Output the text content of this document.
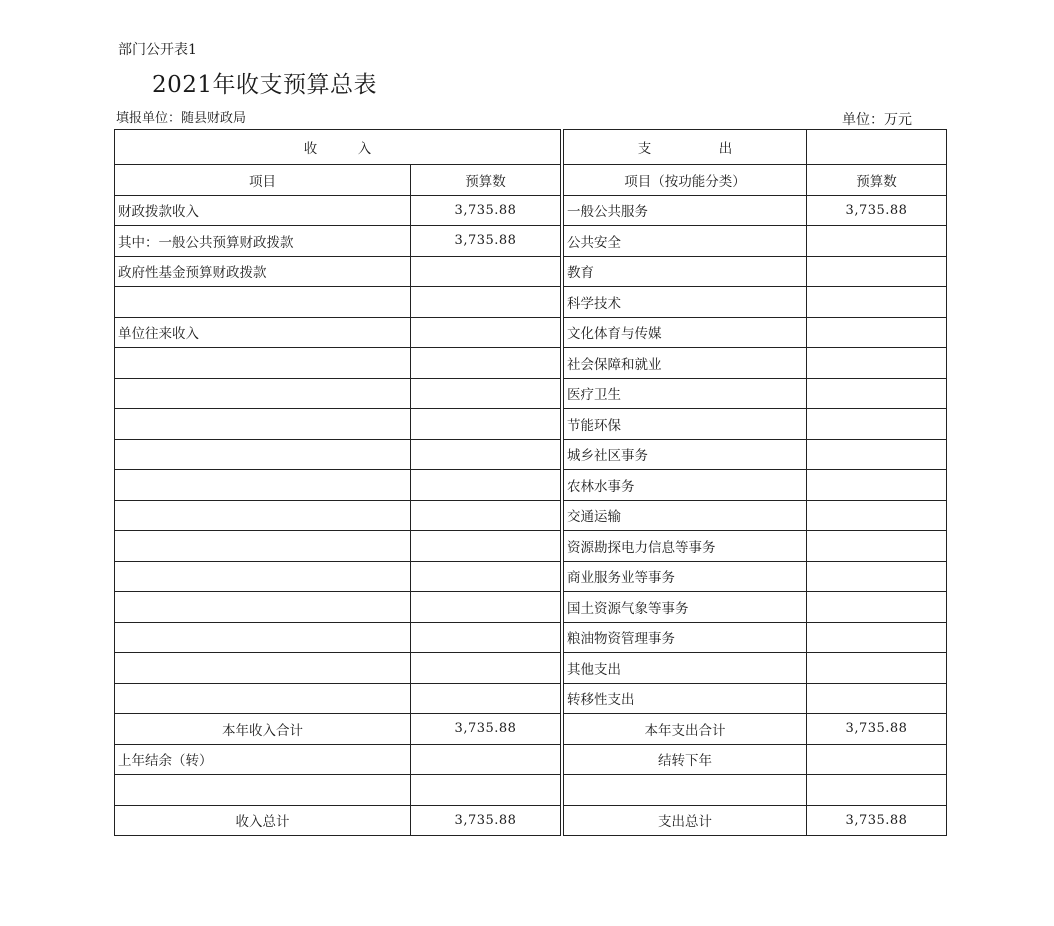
部门公开表1
2021年收支预算总表
填报单位：随县财政局	单位：万元
收　　　入			支　　　　　出	
项目	预算数		项目（按功能分类）	预算数
财政拨款收入	3,735.88		一般公共服务	3,735.88
其中：一般公共预算财政拨款	3,735.88		公共安全	
政府性基金预算财政拨款			教育	
			科学技术	
单位往来收入			文化体育与传媒	
			社会保障和就业	
			医疗卫生	
			节能环保	
			城乡社区事务	
			农林水事务	
			交通运输	
			资源勘探电力信息等事务	
			商业服务业等事务	
			国土资源气象等事务	
			粮油物资管理事务	
			其他支出	
			转移性支出	
本年收入合计	3,735.88		本年支出合计	3,735.88
上年结余（转）			结转下年	

收入总计	3,735.88		支出总计	3,735.88
